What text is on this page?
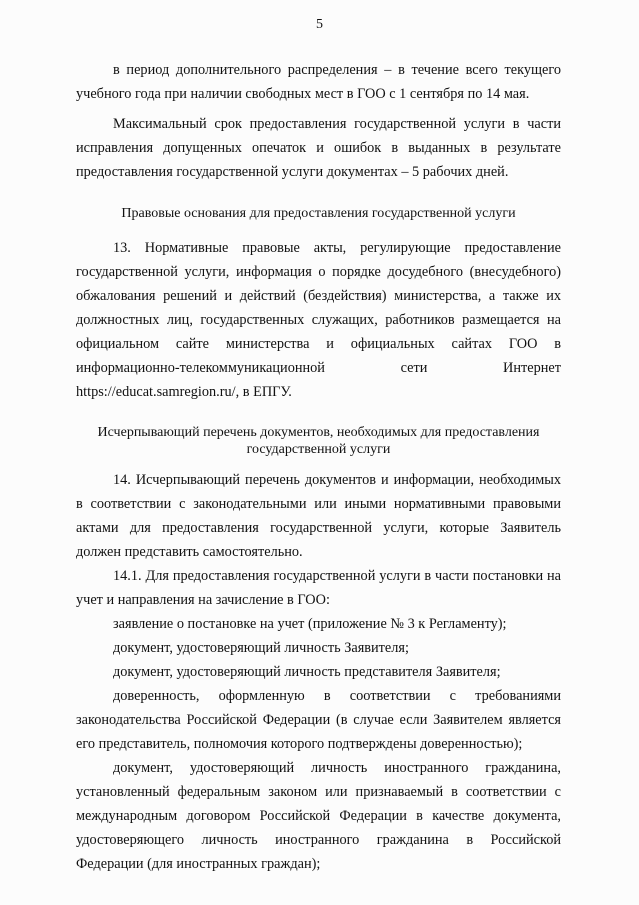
5

в период дополнительного распределения – в течение всего текущего учебного года при наличии свободных мест в ГОО с 1 сентября по 14 мая.

Максимальный срок предоставления государственной услуги в части исправления допущенных опечаток и ошибок в выданных в результате предоставления государственной услуги документах – 5 рабочих дней.

Правовые основания для предоставления государственной услуги

13. Нормативные правовые акты, регулирующие предоставление государственной услуги, информация о порядке досудебного (внесудебного) обжалования решений и действий (бездействия) министерства, а также их должностных лиц, государственных служащих, работников размещается на официальном сайте министерства и официальных сайтах ГОО в информационно-телекоммуникационной сети Интернет https://educat.samregion.ru/, в ЕПГУ.

Исчерпывающий перечень документов, необходимых для предоставления

государственной услуги

14. Исчерпывающий перечень документов и информации, необходимых в соответствии с законодательными или иными нормативными правовыми актами для предоставления государственной услуги, которые Заявитель должен представить самостоятельно.

14.1. Для предоставления государственной услуги в части постановки на учет и направления на зачисление в ГОО:

заявление о постановке на учет (приложение № 3 к Регламенту);

документ, удостоверяющий личность Заявителя;

документ, удостоверяющий личность представителя Заявителя;

доверенность, оформленную в соответствии с требованиями законодательства Российской Федерации (в случае если Заявителем является его представитель, полномочия которого подтверждены доверенностью);

документ, удостоверяющий личность иностранного гражданина, установленный федеральным законом или признаваемый в соответствии с международным договором Российской Федерации в качестве документа, удостоверяющего личность иностранного гражданина в Российской Федерации (для иностранных граждан);
